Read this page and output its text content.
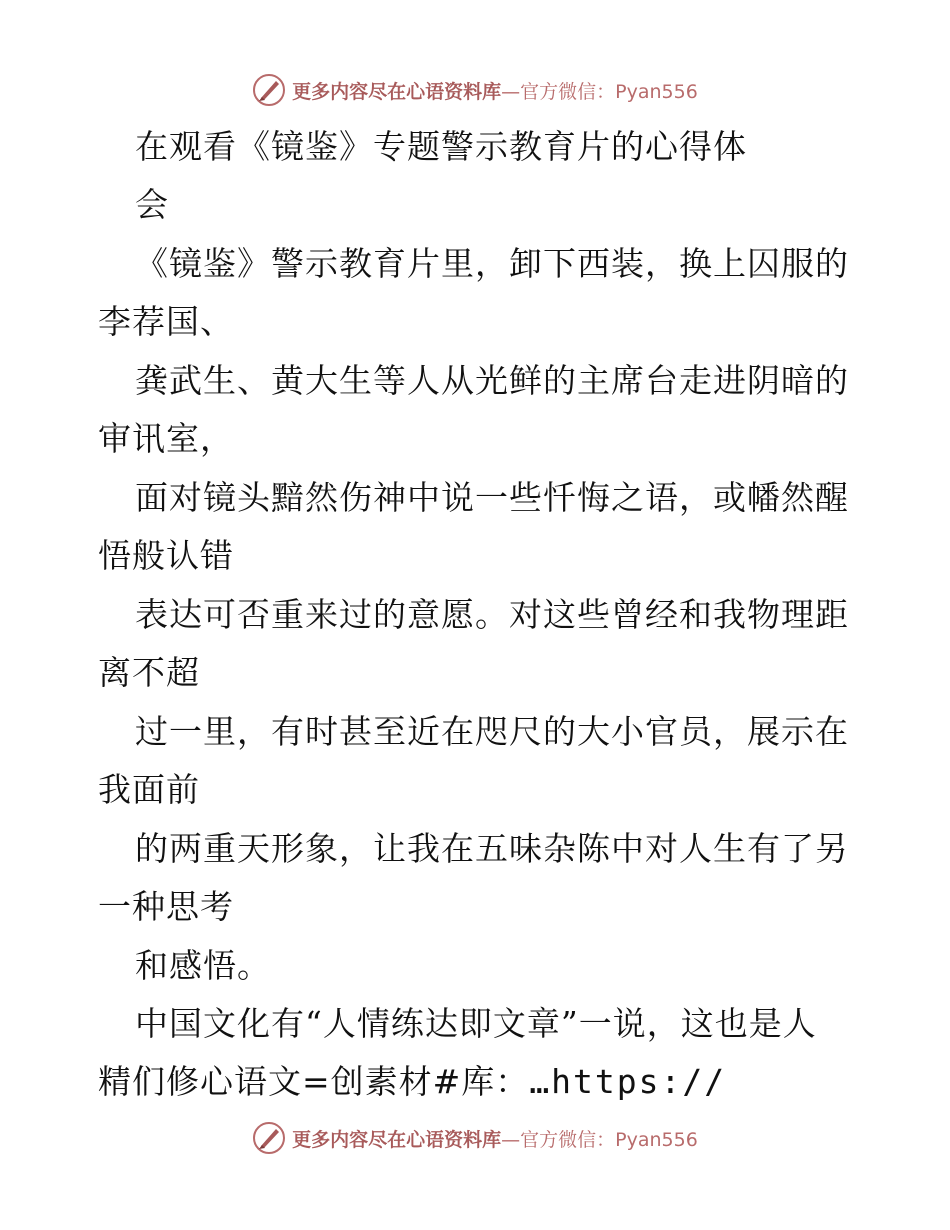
更多内容尽在心语资料库—官方微信：Pyan556
在观看《镜鉴》专题警示教育片的心得体
会
《镜鉴》警示教育片里，卸下西装，换上囚服的
李荐国、
龚武生、黄大生等人从光鲜的主席台走进阴暗的
审讯室，
面对镜头黯然伤神中说一些忏悔之语，或幡然醒
悟般认错
表达可否重来过的意愿。对这些曾经和我物理距
离不超
过一里，有时甚至近在咫尺的大小官员，展示在
我面前
的两重天形象，让我在五味杂陈中对人生有了另
一种思考
和感悟。
中国文化有“人情练达即文章”一说，这也是人
精们修心语文=创素材#库：…https://
更多内容尽在心语资料库—官方微信：Pyan556
